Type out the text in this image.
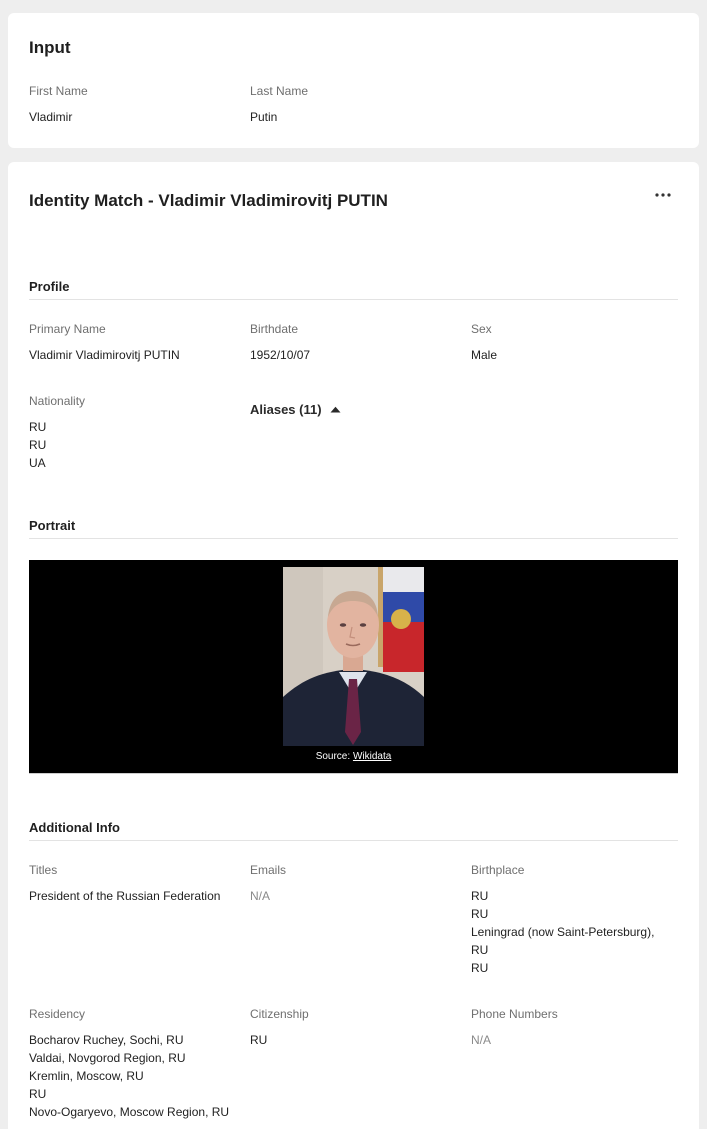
Input
First Name
Vladimir
Last Name
Putin
Identity Match - Vladimir Vladimirovitj PUTIN
Profile
Primary Name
Vladimir Vladimirovitj PUTIN
Birthdate
1952/10/07
Sex
Male
Nationality
RU
RU
UA
Aliases (11)
Portrait
Source: Wikidata
Additional Info
Titles
President of the Russian Federation
Emails
N/A
Birthplace
RU
RU
Leningrad (now Saint-Petersburg),
RU
RU
Residency
Bocharov Ruchey, Sochi, RU
Valdai, Novgorod Region, RU
Kremlin, Moscow, RU
RU
Novo-Ogaryevo, Moscow Region, RU
Citizenship
RU
Phone Numbers
N/A
